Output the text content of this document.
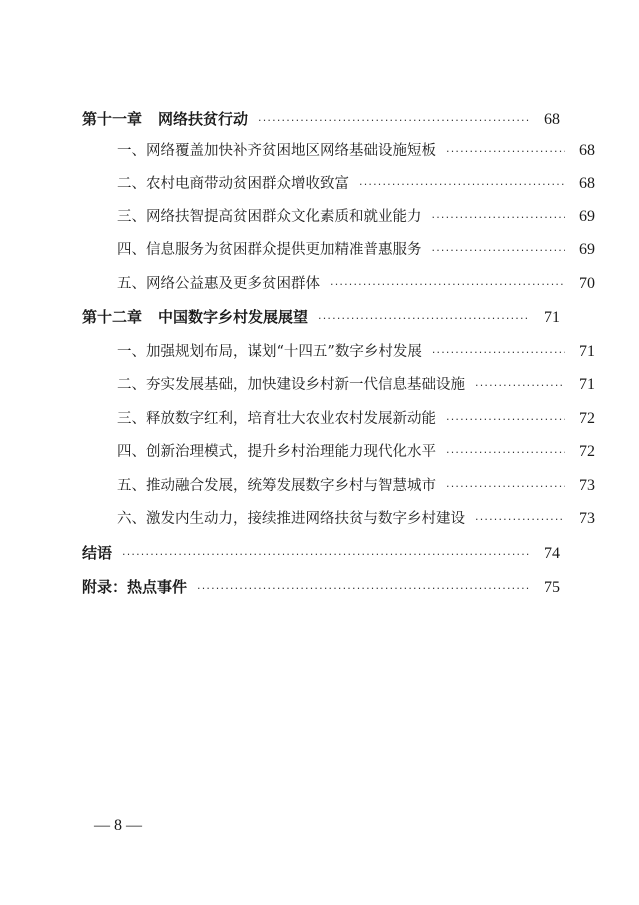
第十一章 网络扶贫行动 ·····	68
一、网络覆盖加快补齐贫困地区网络基础设施短板 ·····	68
二、农村电商带动贫困群众增收致富 ·····	68
三、网络扶智提高贫困群众文化素质和就业能力 ·····	69
四、信息服务为贫困群众提供更加精准普惠服务 ·····	69
五、网络公益惠及更多贫困群体 ·····	70
第十二章 中国数字乡村发展展望 ·····	71
一、加强规划布局，谋划“十四五”数字乡村发展 ·····	71
二、夯实发展基础，加快建设乡村新一代信息基础设施 ·····	71
三、释放数字红利，培育壮大农业农村发展新动能 ·····	72
四、创新治理模式，提升乡村治理能力现代化水平 ·····	72
五、推动融合发展，统筹发展数字乡村与智慧城市 ·····	73
六、激发内生动力，接续推进网络扶贫与数字乡村建设 ·····	73
结语 ·····	74
附录：热点事件 ·····	75
— 8 —
